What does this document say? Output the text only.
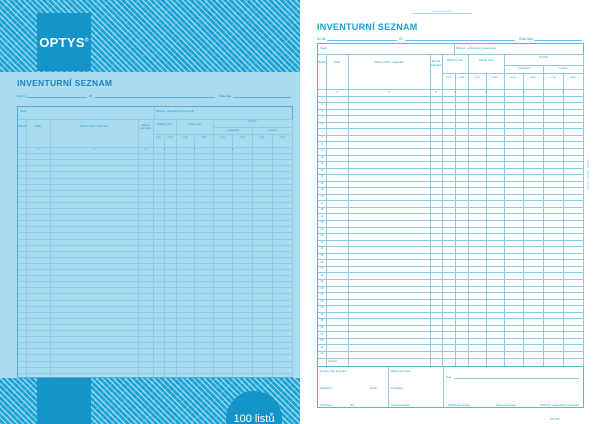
OPTYS®
INVENTURNÍ SEZNAM
Ke dni	20	Číslo lisu
Úsek	Obvod - odpovědný pracovník
Řádek	Číslo	Název zboží, materiálu	Měrná jednotka
Zjištěný stav	Účetní stav
Rozdíl
+ přebytek	- manko
v mj.	v Kč	v mj.	v Kč	v mj.	v Kč	v mj.	v Kč
1	2	3	4	5	6	7
100 listů
Jen nerozumíte
INVENTURNÍ SEZNAM
Ke dni	20	Číslo listu
Úsek	Obvod - odpovědný pracovník
Řádek	Číslo	Název zboží, materiálu	Měrná jednotka
Zjištěný stav	Účetní stav
Rozdíl
+ přebytek	- manko
v mj.	v Kč	v mj.	v Kč	v mj.	v Kč	v mj.	v Kč
1	2	3	4	5	6	7
1
2
3
4
5
6
7
8
9
10
11
12
13
14
15
16
17
18
19
20
21
22
23
24
25
26
27
28
29
30
31
32
33
34
35
36
37
38
39
40
Součet
Rozpis čísla posudku	Zjišťování stavu
Dne
Zahájeno	hodin	zapsal(a)
Ukončeno	dne	zkontroloval(a)	Předseda komise	Členové komise	Přítomný odpovědný pracovník
Inventurní seznam - formulář
OP 1030
